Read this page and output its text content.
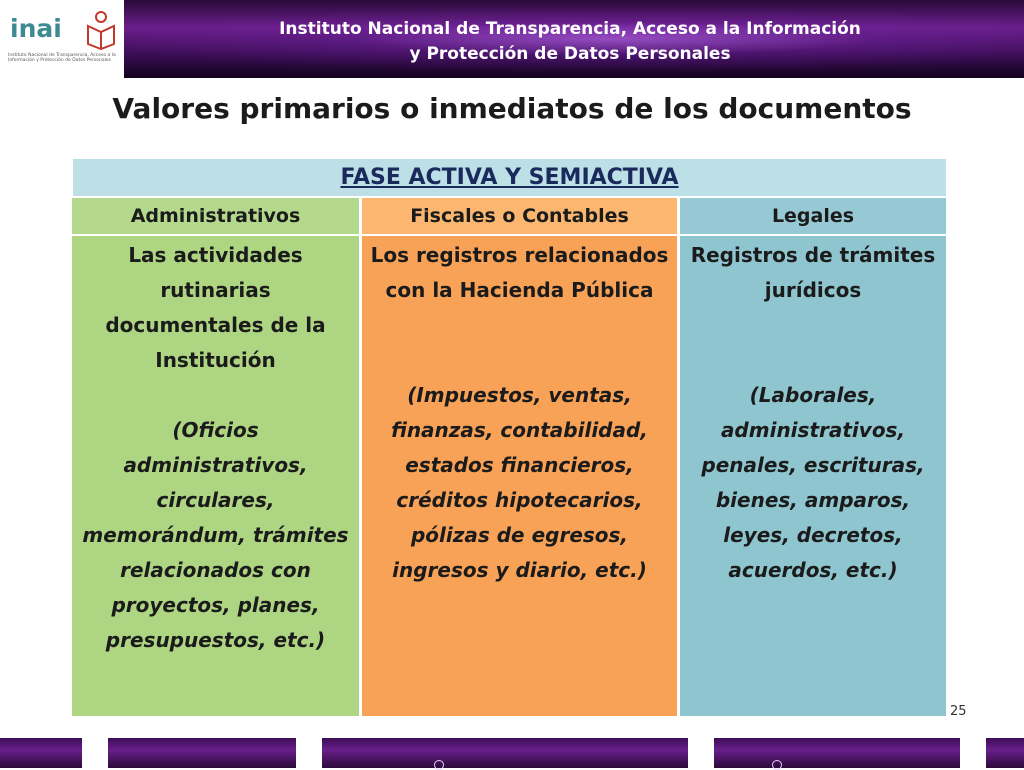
inai
Instituto Nacional de Transparencia, Acceso a la Información y Protección de Datos Personales
Instituto Nacional de Transparencia, Acceso a la Información
y Protección de Datos Personales
Valores primarios o inmediatos de los documentos
FASE ACTIVA Y SEMIACTIVA
Administrativos	Fiscales o Contables	Legales
Las actividades rutinarias documentales de la Institución
(Oficios administrativos, circulares, memorándum, trámites relacionados con proyectos, planes, presupuestos, etc.)
Los registros relacionados con la Hacienda Pública
(Impuestos, ventas, finanzas, contabilidad, estados financieros, créditos hipotecarios, pólizas de egresos, ingresos y diario, etc.)
Registros de trámites jurídicos
(Laborales, administrativos, penales, escrituras, bienes, amparos, leyes, decretos, acuerdos, etc.)
25
